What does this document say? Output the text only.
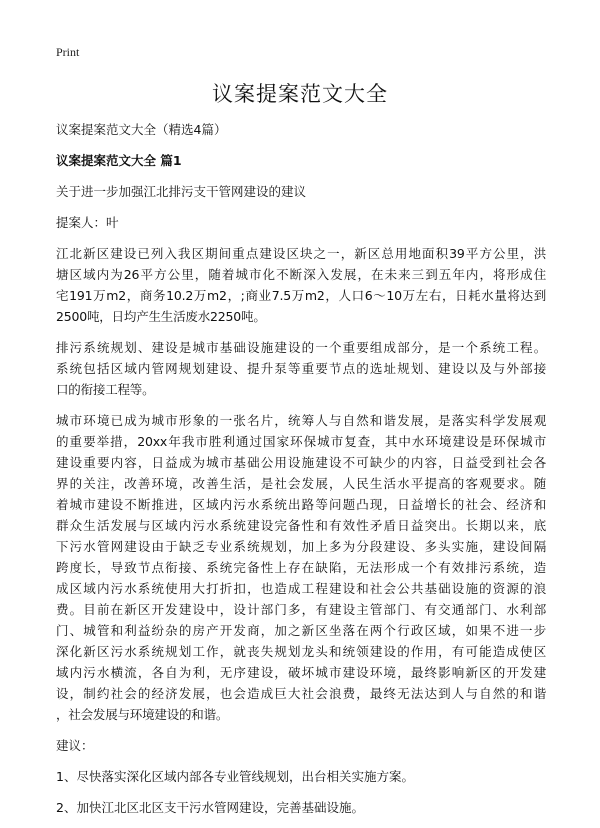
Print
议案提案范文大全

议案提案范文大全（精选4篇）

议案提案范文大全 篇1

关于进一步加强江北排污支干管网建设的建议

提案人：叶

江北新区建设已列入我区期间重点建设区块之一，新区总用地面积39平方公里，洪
塘区域内为26平方公里，随着城市化不断深入发展，在未来三到五年内，将形成住
宅191万m2，商务10.2万m2，;商业7.5万m2，人口6～10万左右，日耗水量将达到
2500吨，日均产生生活废水2250吨。

排污系统规划、建设是城市基础设施建设的一个重要组成部分，是一个系统工程。
系统包括区域内管网规划建设、提升泵等重要节点的选址规划、建设以及与外部接
口的衔接工程等。

城市环境已成为城市形象的一张名片，统筹人与自然和谐发展，是落实科学发展观
的重要举措，20xx年我市胜利通过国家环保城市复查，其中水环境建设是环保城市
建设重要内容，日益成为城市基础公用设施建设不可缺少的内容，日益受到社会各
界的关注，改善环境，改善生活，是社会发展，人民生活水平提高的客观要求。随
着城市建设不断推进，区域内污水系统出路等问题凸现，日益增长的社会、经济和
群众生活发展与区域内污水系统建设完备性和有效性矛盾日益突出。长期以来，底
下污水管网建设由于缺乏专业系统规划，加上多为分段建设、多头实施，建设间隔
跨度长，导致节点衔接、系统完备性上存在缺陷，无法形成一个有效排污系统，造
成区域内污水系统使用大打折扣，也造成工程建设和社会公共基础设施的资源的浪
费。目前在新区开发建设中，设计部门多，有建设主管部门、有交通部门、水利部
门、城管和利益纷杂的房产开发商，加之新区坐落在两个行政区域，如果不进一步
深化新区污水系统规划工作，就丧失规划龙头和统领建设的作用，有可能造成使区
域内污水横流，各自为利，无序建设，破坏城市建设环境，最终影响新区的开发建
设，制约社会的经济发展，也会造成巨大社会浪费，最终无法达到人与自然的和谐
，社会发展与环境建设的和谐。

建议：

1、尽快落实深化区域内部各专业管线规划，出台相关实施方案。

2、加快江北区北区支干污水管网建设，完善基础设施。
